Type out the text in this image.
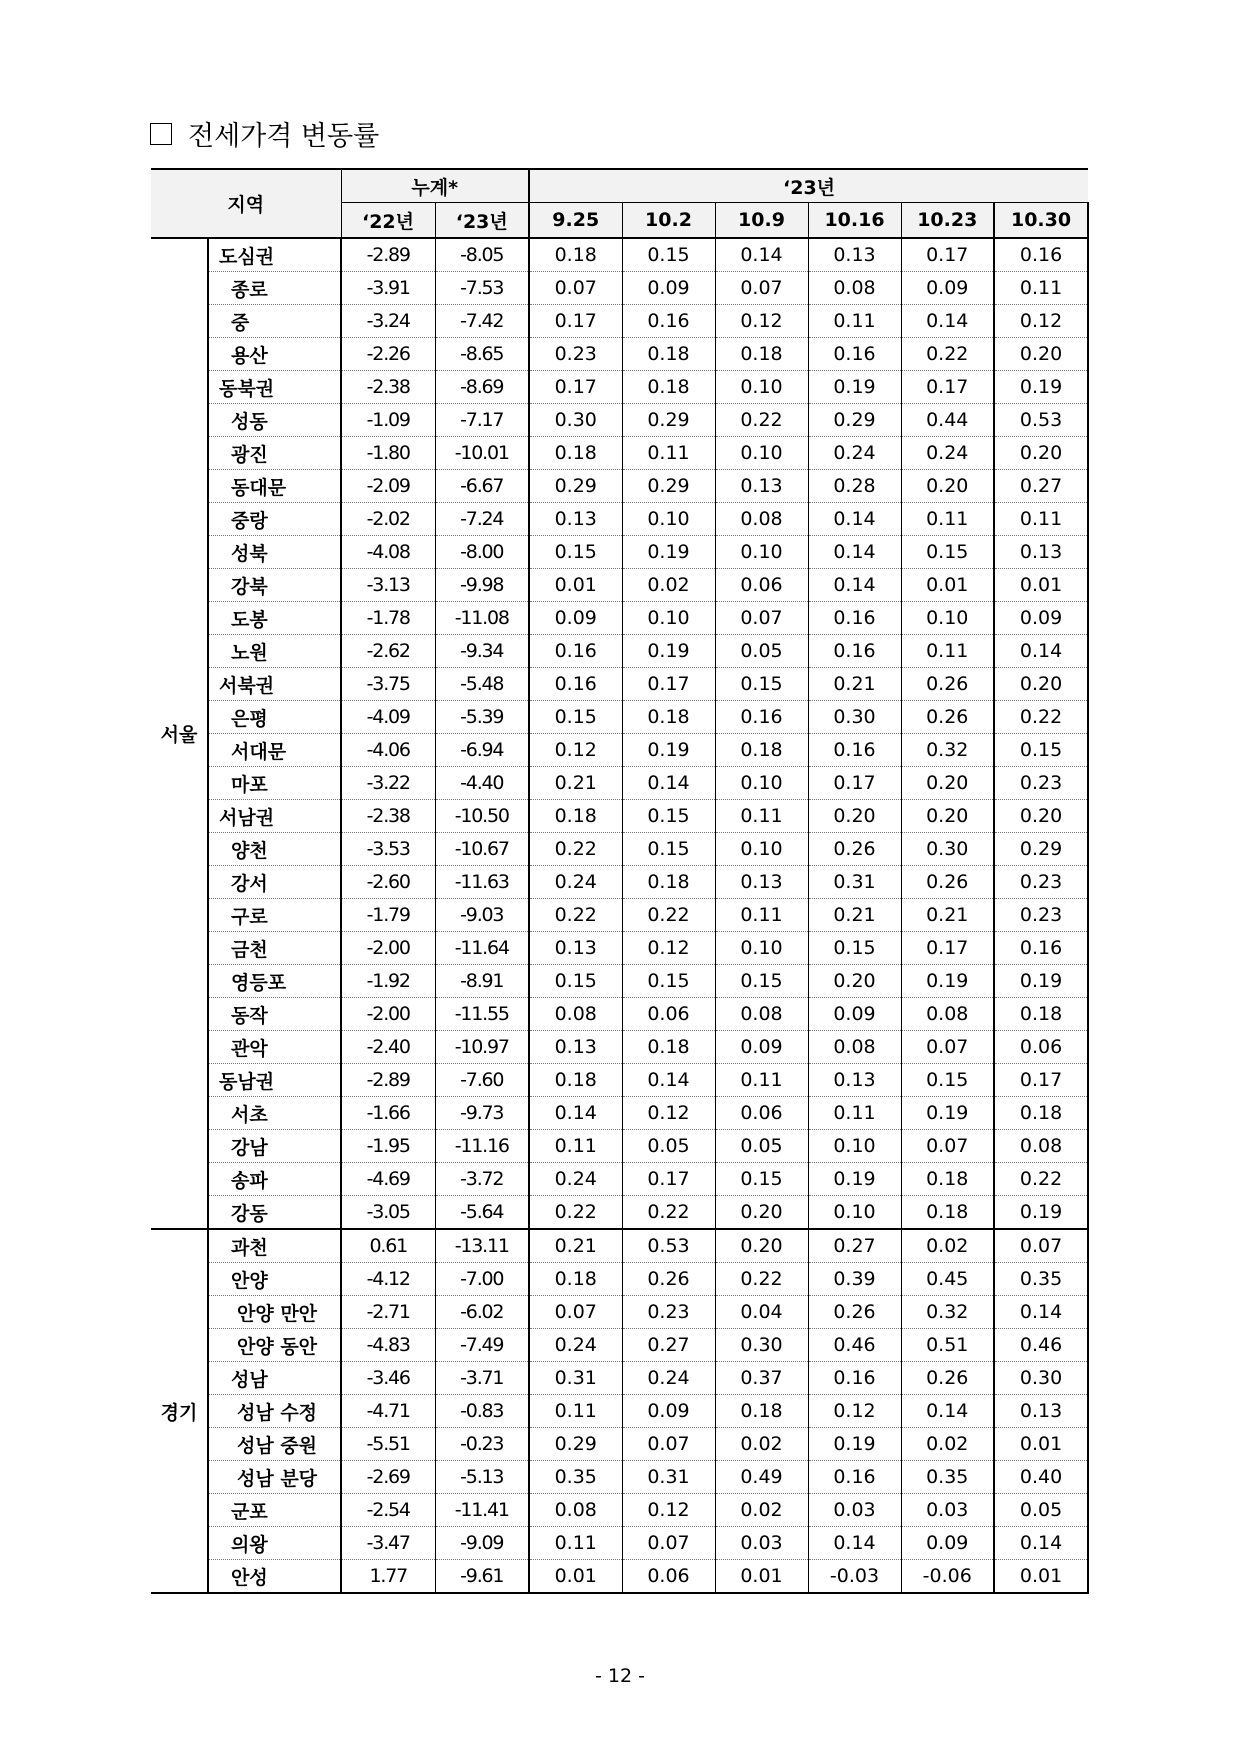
전세가격 변동률
지역		누계*		‘23년					
		‘22년	‘23년	9.25	10.2	10.9	10.16	10.23	10.30
서울	도심권	-2.89	-8.05	0.18	0.15	0.14	0.13	0.17	0.16
	종로	-3.91	-7.53	0.07	0.09	0.07	0.08	0.09	0.11
	중	-3.24	-7.42	0.17	0.16	0.12	0.11	0.14	0.12
	용산	-2.26	-8.65	0.23	0.18	0.18	0.16	0.22	0.20
	동북권	-2.38	-8.69	0.17	0.18	0.10	0.19	0.17	0.19
	성동	-1.09	-7.17	0.30	0.29	0.22	0.29	0.44	0.53
	광진	-1.80	-10.01	0.18	0.11	0.10	0.24	0.24	0.20
	동대문	-2.09	-6.67	0.29	0.29	0.13	0.28	0.20	0.27
	중랑	-2.02	-7.24	0.13	0.10	0.08	0.14	0.11	0.11
	성북	-4.08	-8.00	0.15	0.19	0.10	0.14	0.15	0.13
	강북	-3.13	-9.98	0.01	0.02	0.06	0.14	0.01	0.01
	도봉	-1.78	-11.08	0.09	0.10	0.07	0.16	0.10	0.09
	노원	-2.62	-9.34	0.16	0.19	0.05	0.16	0.11	0.14
	서북권	-3.75	-5.48	0.16	0.17	0.15	0.21	0.26	0.20
	은평	-4.09	-5.39	0.15	0.18	0.16	0.30	0.26	0.22
	서대문	-4.06	-6.94	0.12	0.19	0.18	0.16	0.32	0.15
	마포	-3.22	-4.40	0.21	0.14	0.10	0.17	0.20	0.23
	서남권	-2.38	-10.50	0.18	0.15	0.11	0.20	0.20	0.20
	양천	-3.53	-10.67	0.22	0.15	0.10	0.26	0.30	0.29
	강서	-2.60	-11.63	0.24	0.18	0.13	0.31	0.26	0.23
	구로	-1.79	-9.03	0.22	0.22	0.11	0.21	0.21	0.23
	금천	-2.00	-11.64	0.13	0.12	0.10	0.15	0.17	0.16
	영등포	-1.92	-8.91	0.15	0.15	0.15	0.20	0.19	0.19
	동작	-2.00	-11.55	0.08	0.06	0.08	0.09	0.08	0.18
	관악	-2.40	-10.97	0.13	0.18	0.09	0.08	0.07	0.06
	동남권	-2.89	-7.60	0.18	0.14	0.11	0.13	0.15	0.17
	서초	-1.66	-9.73	0.14	0.12	0.06	0.11	0.19	0.18
	강남	-1.95	-11.16	0.11	0.05	0.05	0.10	0.07	0.08
	송파	-4.69	-3.72	0.24	0.17	0.15	0.19	0.18	0.22
	강동	-3.05	-5.64	0.22	0.22	0.20	0.10	0.18	0.19
경기	과천	0.61	-13.11	0.21	0.53	0.20	0.27	0.02	0.07
	안양	-4.12	-7.00	0.18	0.26	0.22	0.39	0.45	0.35
	안양 만안	-2.71	-6.02	0.07	0.23	0.04	0.26	0.32	0.14
	안양 동안	-4.83	-7.49	0.24	0.27	0.30	0.46	0.51	0.46
	성남	-3.46	-3.71	0.31	0.24	0.37	0.16	0.26	0.30
	성남 수정	-4.71	-0.83	0.11	0.09	0.18	0.12	0.14	0.13
	성남 중원	-5.51	-0.23	0.29	0.07	0.02	0.19	0.02	0.01
	성남 분당	-2.69	-5.13	0.35	0.31	0.49	0.16	0.35	0.40
	군포	-2.54	-11.41	0.08	0.12	0.02	0.03	0.03	0.05
	의왕	-3.47	-9.09	0.11	0.07	0.03	0.14	0.09	0.14
	안성	1.77	-9.61	0.01	0.06	0.01	-0.03	-0.06	0.01
- 12 -
